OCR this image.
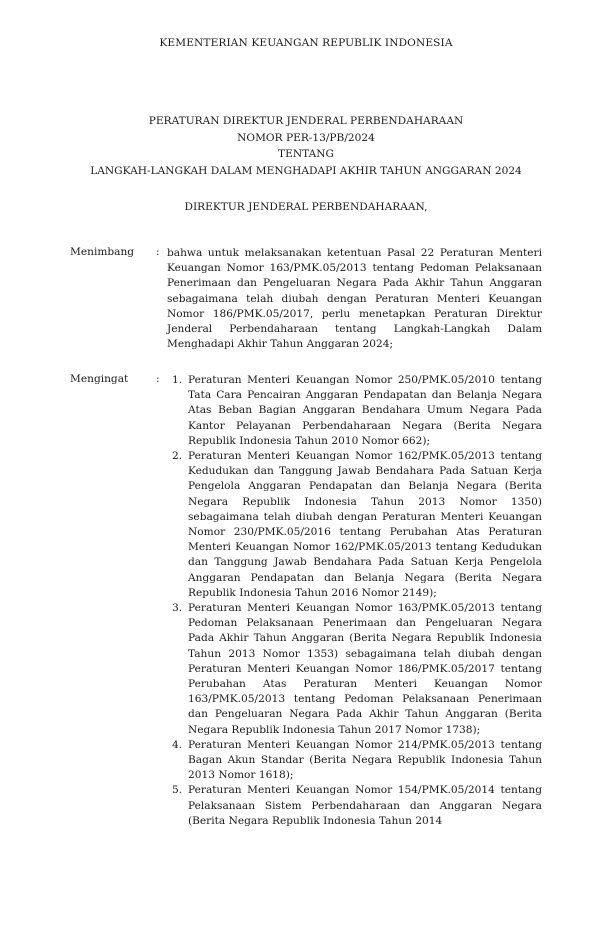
KEMENTERIAN KEUANGAN REPUBLIK INDONESIA
PERATURAN DIREKTUR JENDERAL PERBENDAHARAAN
NOMOR PER-13/PB/2024
TENTANG
LANGKAH-LANGKAH DALAM MENGHADAPI AKHIR TAHUN ANGGARAN 2024
DIREKTUR JENDERAL PERBENDAHARAAN,
Menimbang : bahwa untuk melaksanakan ketentuan Pasal 22 Peraturan Menteri Keuangan Nomor 163/PMK.05/2013 tentang Pedoman Pelaksanaan Penerimaan dan Pengeluaran Negara Pada Akhir Tahun Anggaran sebagaimana telah diubah dengan Peraturan Menteri Keuangan Nomor 186/PMK.05/2017, perlu menetapkan Peraturan Direktur Jenderal Perbendaharaan tentang Langkah-Langkah Dalam Menghadapi Akhir Tahun Anggaran 2024;
Mengingat	: 1. Peraturan Menteri Keuangan Nomor 250/PMK.05/2010 tentang Tata Cara Pencairan Anggaran Pendapatan dan Belanja Negara Atas Beban Bagian Anggaran Bendahara Umum Negara Pada Kantor Pelayanan Perbendaharaan Negara (Berita Negara Republik Indonesia Tahun 2010 Nomor 662);
2. Peraturan Menteri Keuangan Nomor 162/PMK.05/2013 tentang Kedudukan dan Tanggung Jawab Bendahara Pada Satuan Kerja Pengelola Anggaran Pendapatan dan Belanja Negara (Berita Negara Republik Indonesia Tahun 2013 Nomor 1350) sebagaimana telah diubah dengan Peraturan Menteri Keuangan Nomor 230/PMK.05/2016 tentang Perubahan Atas Peraturan Menteri Keuangan Nomor 162/PMK.05/2013 tentang Kedudukan dan Tanggung Jawab Bendahara Pada Satuan Kerja Pengelola Anggaran Pendapatan dan Belanja Negara (Berita Negara Republik Indonesia Tahun 2016 Nomor 2149);
3. Peraturan Menteri Keuangan Nomor 163/PMK.05/2013 tentang Pedoman Pelaksanaan Penerimaan dan Pengeluaran Negara Pada Akhir Tahun Anggaran (Berita Negara Republik Indonesia Tahun 2013 Nomor 1353) sebagaimana telah diubah dengan Peraturan Menteri Keuangan Nomor 186/PMK.05/2017 tentang Perubahan Atas Peraturan Menteri Keuangan Nomor 163/PMK.05/2013 tentang Pedoman Pelaksanaan Penerimaan dan Pengeluaran Negara Pada Akhir Tahun Anggaran (Berita Negara Republik Indonesia Tahun 2017 Nomor 1738);
4. Peraturan Menteri Keuangan Nomor 214/PMK.05/2013 tentang Bagan Akun Standar (Berita Negara Republik Indonesia Tahun 2013 Nomor 1618);
5. Peraturan Menteri Keuangan Nomor 154/PMK.05/2014 tentang Pelaksanaan Sistem Perbendaharaan dan Anggaran Negara (Berita Negara Republik Indonesia Tahun 2014
